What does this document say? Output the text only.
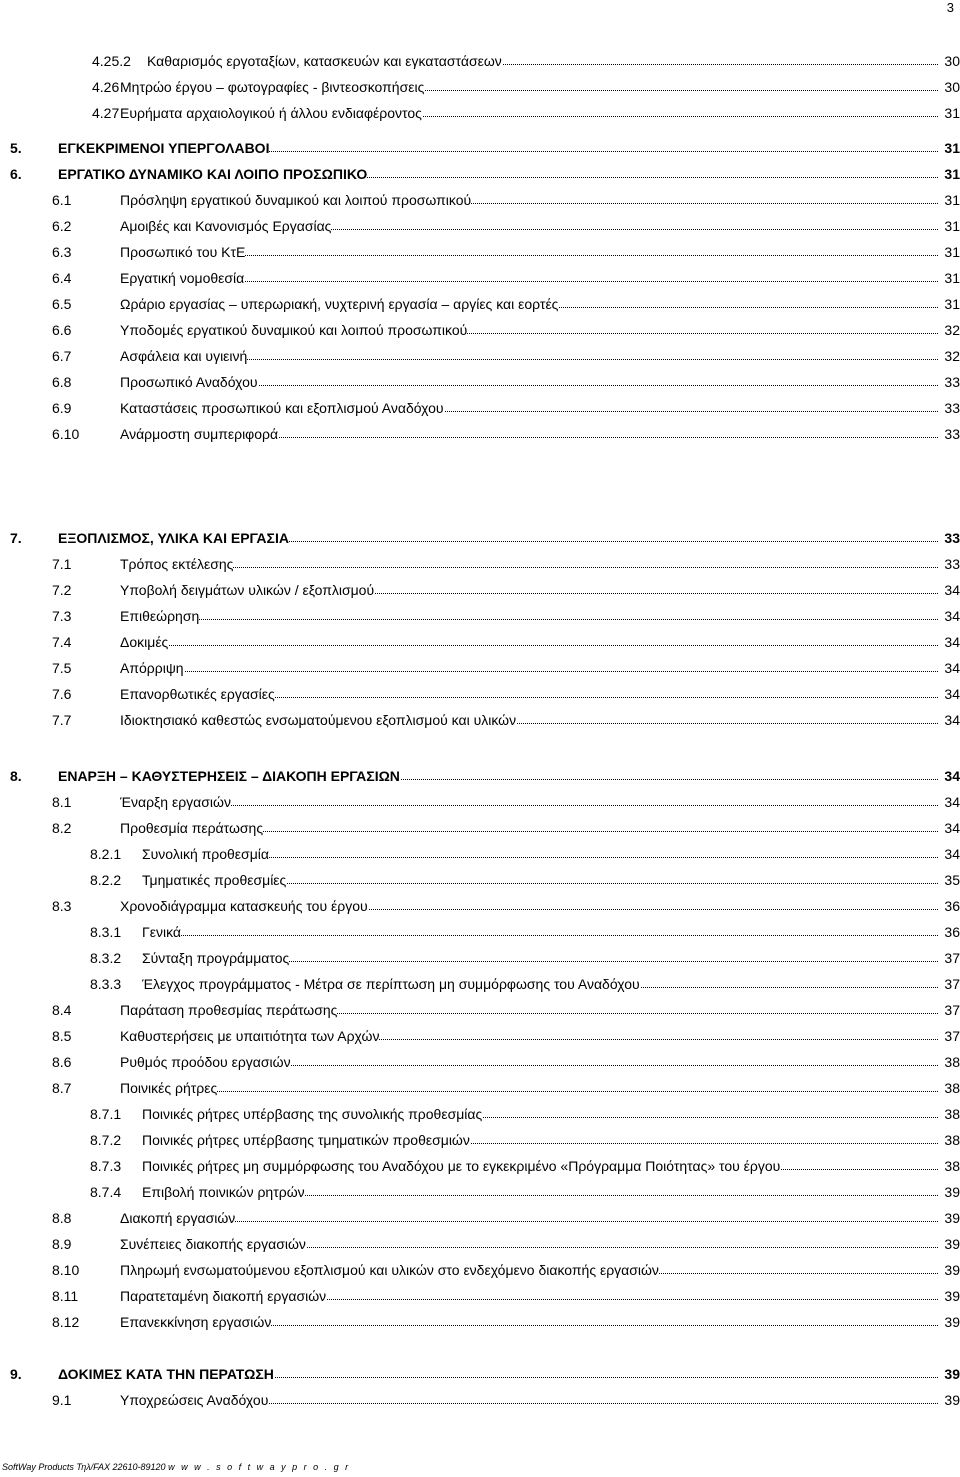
3
4.25.2 Καθαρισμός εργοταξίων, κατασκευών και εγκαταστάσεων	30
4.26 Μητρώο έργου – φωτογραφίες - βιντεοσκοπήσεις	30
4.27 Ευρήματα αρχαιολογικού ή άλλου ενδιαφέροντος	31
5.	ΕΓΚΕΚΡΙΜΕΝΟΙ ΥΠΕΡΓΟΛΑΒΟΙ	31
6.	ΕΡΓΑΤΙΚΟ ΔΥΝΑΜΙΚΟ ΚΑΙ ΛΟΙΠΟ ΠΡΟΣΩΠΙΚΟ	31
6.1	Πρόσληψη εργατικού δυναμικού και λοιπού προσωπικού	31
6.2	Αμοιβές και Κανονισμός Εργασίας	31
6.3	Προσωπικό του ΚτΕ	31
6.4	Εργατική νομοθεσία	31
6.5	Ωράριο εργασίας – υπερωριακή, νυχτερινή εργασία – αργίες και εορτές	31
6.6	Υποδομές εργατικού δυναμικού και λοιπού προσωπικού	32
6.7	Ασφάλεια και υγιεινή	32
6.8	Προσωπικό Αναδόχου	33
6.9	Καταστάσεις προσωπικού και εξοπλισμού Αναδόχου	33
6.10	Ανάρμοστη συμπεριφορά	33
7.	ΕΞΟΠΛΙΣΜΟΣ, ΥΛΙΚΑ ΚΑΙ ΕΡΓΑΣΙΑ	33
7.1	Τρόπος εκτέλεσης	33
7.2	Υποβολή δειγμάτων υλικών / εξοπλισμού	34
7.3	Επιθεώρηση	34
7.4	Δοκιμές	34
7.5	Απόρριψη	34
7.6	Επανορθωτικές εργασίες	34
7.7	Ιδιοκτησιακό καθεστώς ενσωματούμενου εξοπλισμού και υλικών	34
8.	ΕΝΑΡΞΗ – ΚΑΘΥΣΤΕΡΗΣΕΙΣ – ΔΙΑΚΟΠΗ ΕΡΓΑΣΙΩΝ	34
8.1	Έναρξη εργασιών	34
8.2	Προθεσμία περάτωσης	34
8.2.1 Συνολική προθεσμία	34
8.2.2 Τμηματικές προθεσμίες	35
8.3	Χρονοδιάγραμμα κατασκευής του έργου	36
8.3.1 Γενικά	36
8.3.2 Σύνταξη προγράμματος	37
8.3.3 Έλεγχος προγράμματος - Μέτρα σε περίπτωση μη συμμόρφωσης του Αναδόχου	37
8.4	Παράταση προθεσμίας περάτωσης	37
8.5	Καθυστερήσεις με υπαιτιότητα των Αρχών	37
8.6	Ρυθμός προόδου εργασιών	38
8.7	Ποινικές ρήτρες	38
8.7.1 Ποινικές ρήτρες υπέρβασης της συνολικής προθεσμίας	38
8.7.2 Ποινικές ρήτρες υπέρβασης τμηματικών προθεσμιών	38
8.7.3 Ποινικές ρήτρες μη συμμόρφωσης του Αναδόχου με το εγκεκριμένο «Πρόγραμμα Ποιότητας» του έργου	38
8.7.4 Επιβολή ποινικών ρητρών	39
8.8	Διακοπή εργασιών	39
8.9	Συνέπειες διακοπής εργασιών	39
8.10	Πληρωμή ενσωματούμενου εξοπλισμού και υλικών στο ενδεχόμενο διακοπής εργασιών	39
8.11	Παρατεταμένη διακοπή εργασιών	39
8.12	Επανεκκίνηση εργασιών	39
9.	ΔΟΚΙΜΕΣ ΚΑΤΑ ΤΗΝ ΠΕΡΑΤΩΣΗ	39
9.1	Υποχρεώσεις Αναδόχου	39
SoftWay Products Τηλ/FAX 22610-89120 w w w . s o f t w a y p r o . g r
